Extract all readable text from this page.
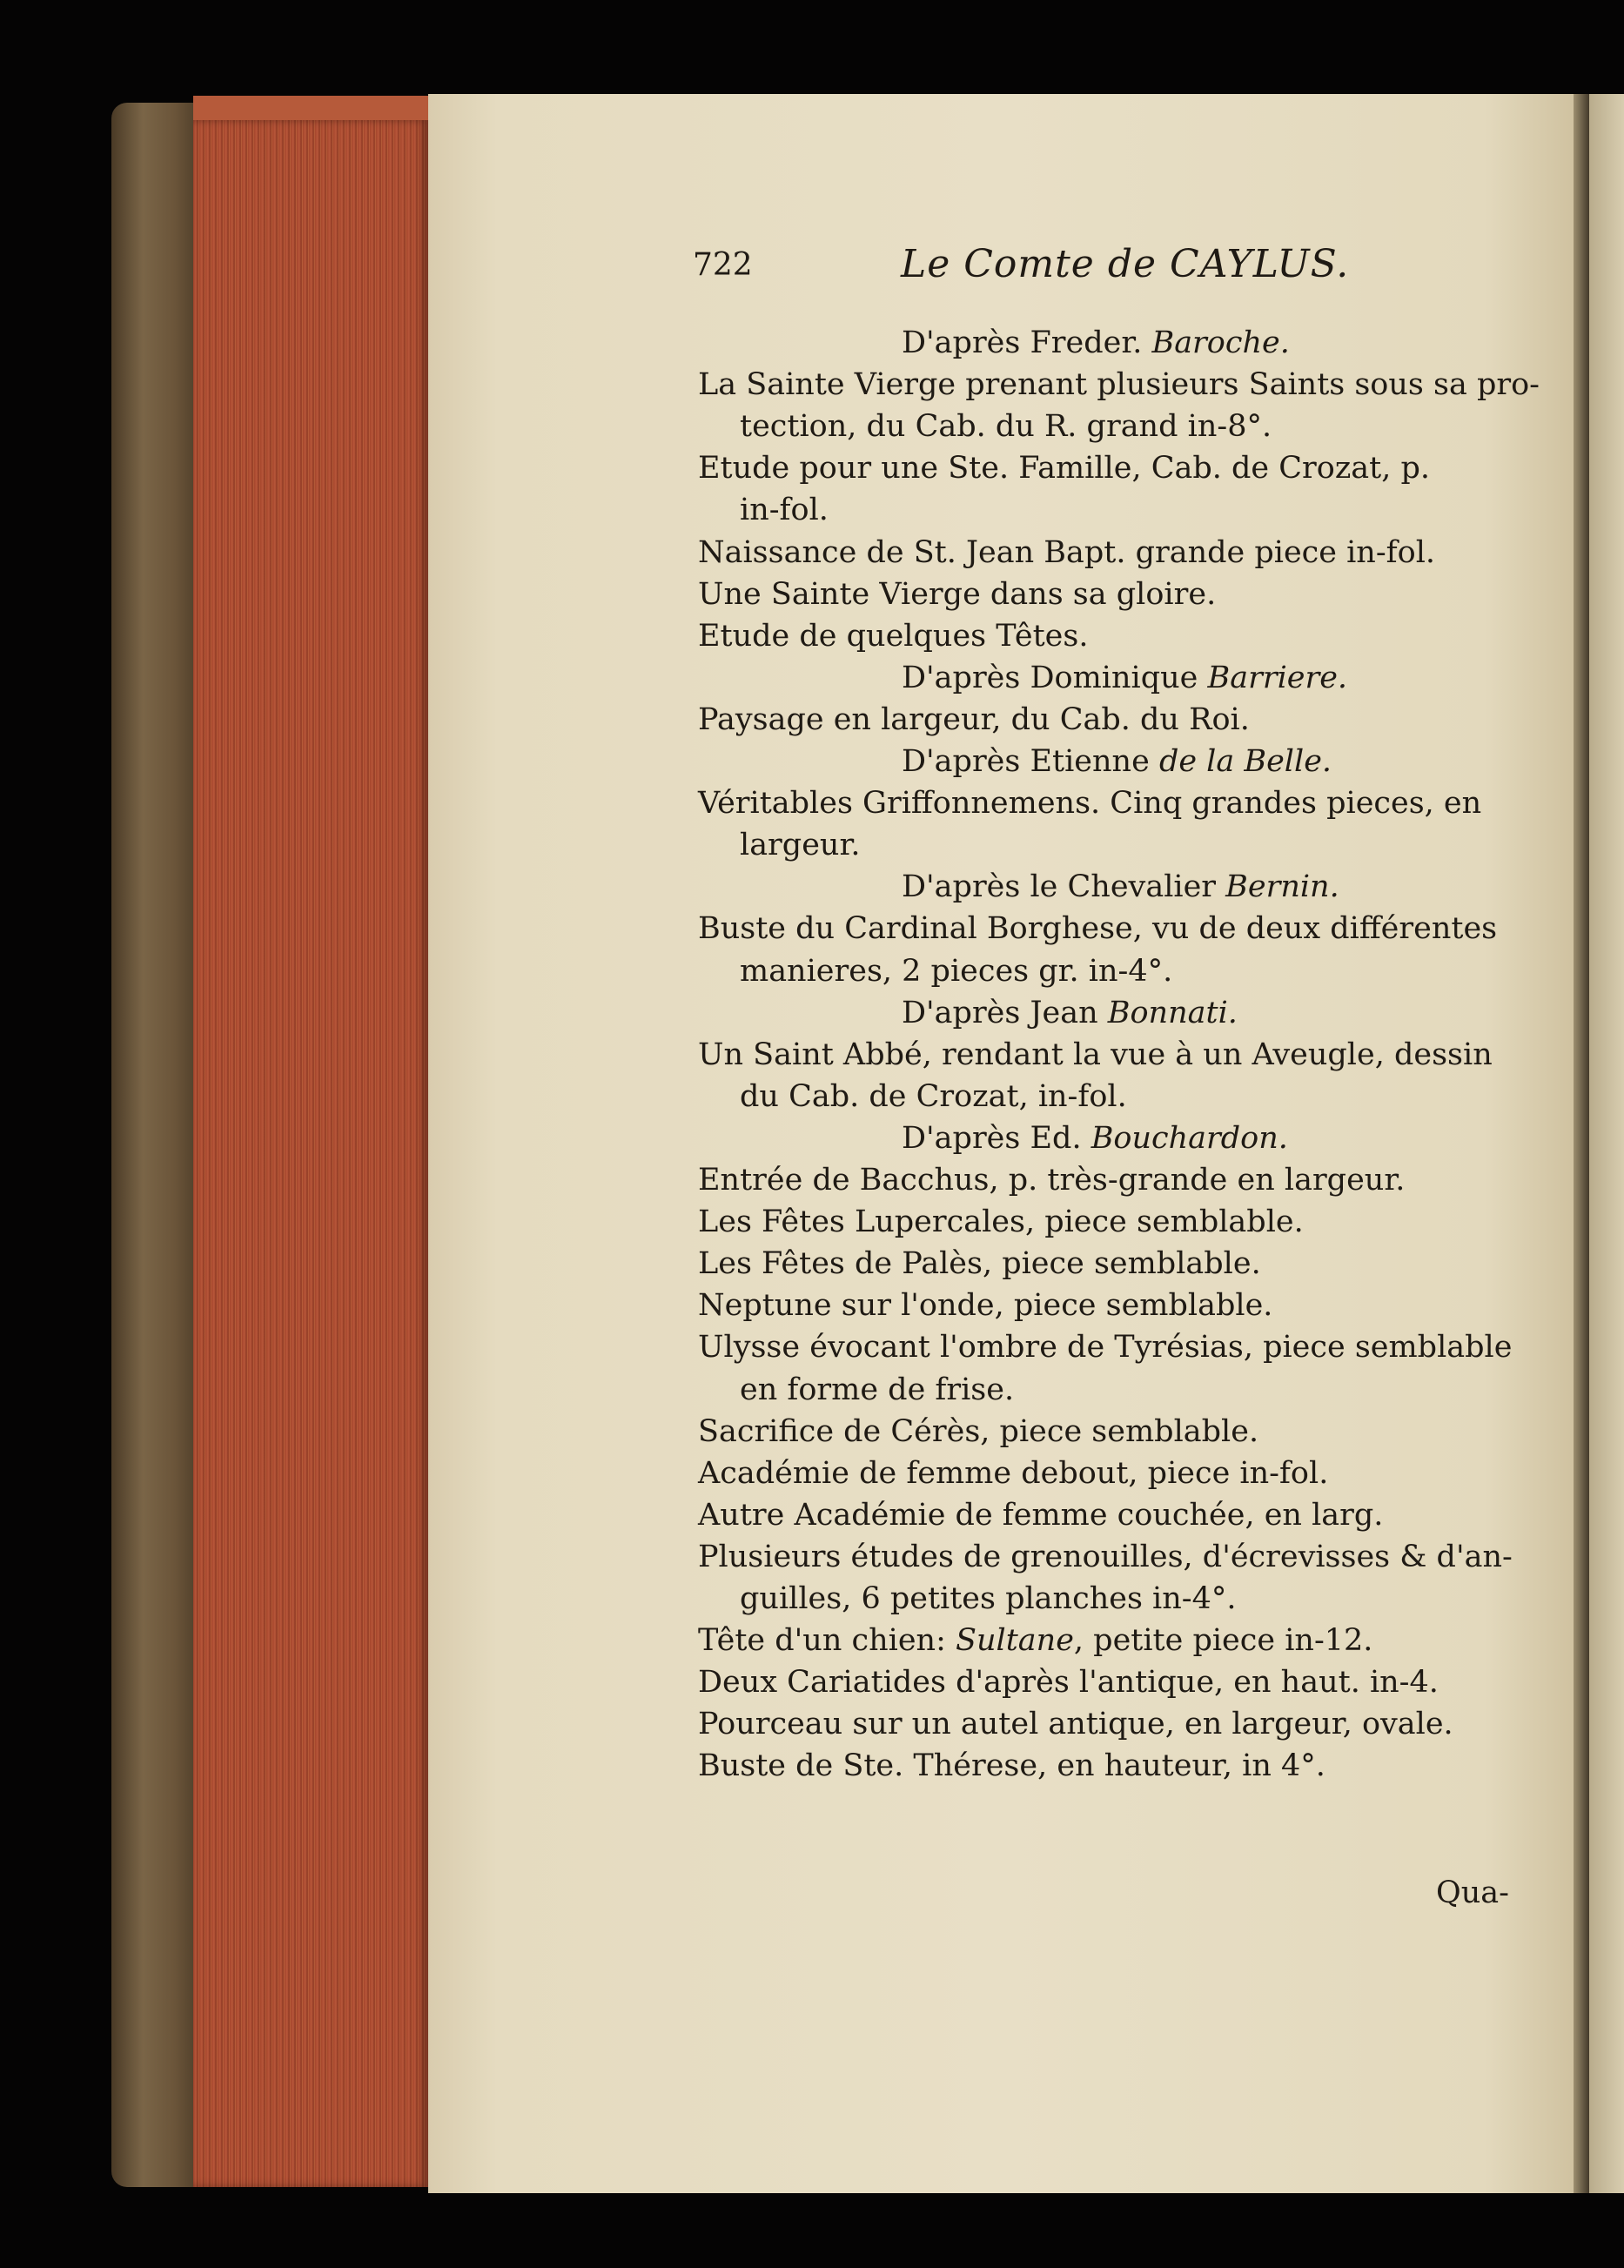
722	Le Comte de CAYLUS.
D'après Freder. Baroche.
La Sainte Vierge prenant plusieurs Saints sous sa pro-
tection, du Cab. du R. grand in-8°.
Etude pour une Ste. Famille, Cab. de Crozat, p.
in-fol.
Naissance de St. Jean Bapt. grande piece in-fol.
Une Sainte Vierge dans sa gloire.
Etude de quelques Têtes.
D'après Dominique Barriere.
Paysage en largeur, du Cab. du Roi.
D'après Etienne de la Belle.
Véritables Griffonnemens. Cinq grandes pieces, en
largeur.
D'après le Chevalier Bernin.
Buste du Cardinal Borghese, vu de deux différentes
manieres, 2 pieces gr. in-4°.
D'après Jean Bonnati.
Un Saint Abbé, rendant la vue à un Aveugle, dessin
du Cab. de Crozat, in-fol.
D'après Ed. Bouchardon.
Entrée de Bacchus, p. très-grande en largeur.
Les Fêtes Lupercales, piece semblable.
Les Fêtes de Palès, piece semblable.
Neptune sur l'onde, piece semblable.
Ulysse évocant l'ombre de Tyrésias, piece semblable
en forme de frise.
Sacrifice de Cérès, piece semblable.
Académie de femme debout, piece in-fol.
Autre Académie de femme couchée, en larg.
Plusieurs études de grenouilles, d'écrevisses & d'an-
guilles, 6 petites planches in-4°.
Tête d'un chien: Sultane, petite piece in-12.
Deux Cariatides d'après l'antique, en haut. in-4.
Pourceau sur un autel antique, en largeur, ovale.
Buste de Ste. Thérese, en hauteur, in 4°.
Qua-
